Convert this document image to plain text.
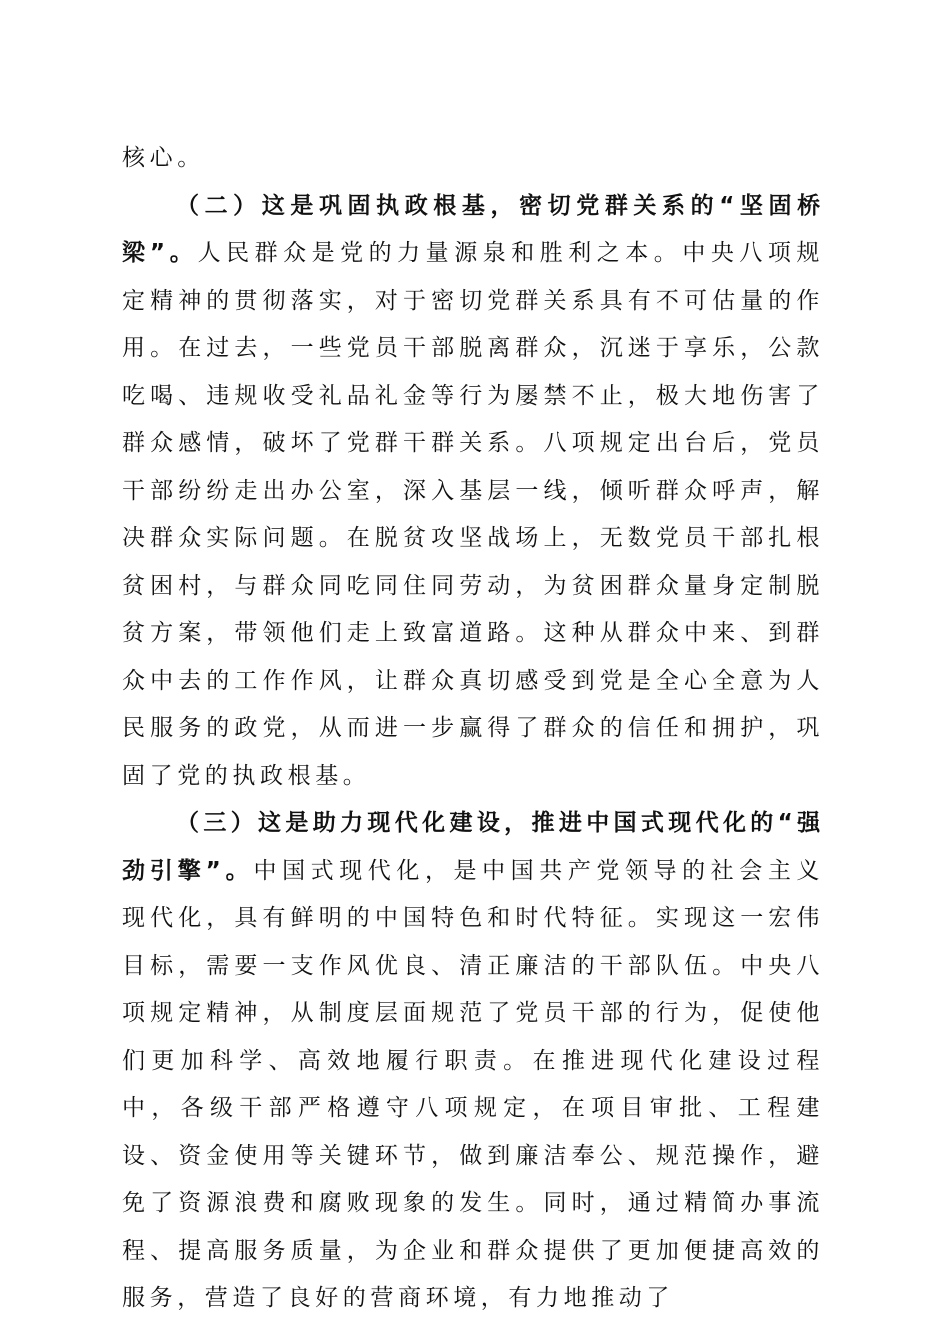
核心。

（二）这是巩固执政根基，密切党群关系的“坚固桥梁”。人民群众是党的力量源泉和胜利之本。中央八项规定精神的贯彻落实，对于密切党群关系具有不可估量的作用。在过去，一些党员干部脱离群众，沉迷于享乐，公款吃喝、违规收受礼品礼金等行为屡禁不止，极大地伤害了群众感情，破坏了党群干群关系。八项规定出台后，党员干部纷纷走出办公室，深入基层一线，倾听群众呼声，解决群众实际问题。在脱贫攻坚战场上，无数党员干部扎根贫困村，与群众同吃同住同劳动，为贫困群众量身定制脱贫方案，带领他们走上致富道路。这种从群众中来、到群众中去的工作作风，让群众真切感受到党是全心全意为人民服务的政党，从而进一步赢得了群众的信任和拥护，巩固了党的执政根基。

（三）这是助力现代化建设，推进中国式现代化的“强劲引擎”。中国式现代化，是中国共产党领导的社会主义现代化，具有鲜明的中国特色和时代特征。实现这一宏伟目标，需要一支作风优良、清正廉洁的干部队伍。中央八项规定精神，从制度层面规范了党员干部的行为，促使他们更加科学、高效地履行职责。在推进现代化建设过程中，各级干部严格遵守八项规定，在项目审批、工程建设、资金使用等关键环节，做到廉洁奉公、规范操作，避免了资源浪费和腐败现象的发生。同时，通过精简办事流程、提高服务质量，为企业和群众提供了更加便捷高效的服务，营造了良好的营商环境，有力地推动了
